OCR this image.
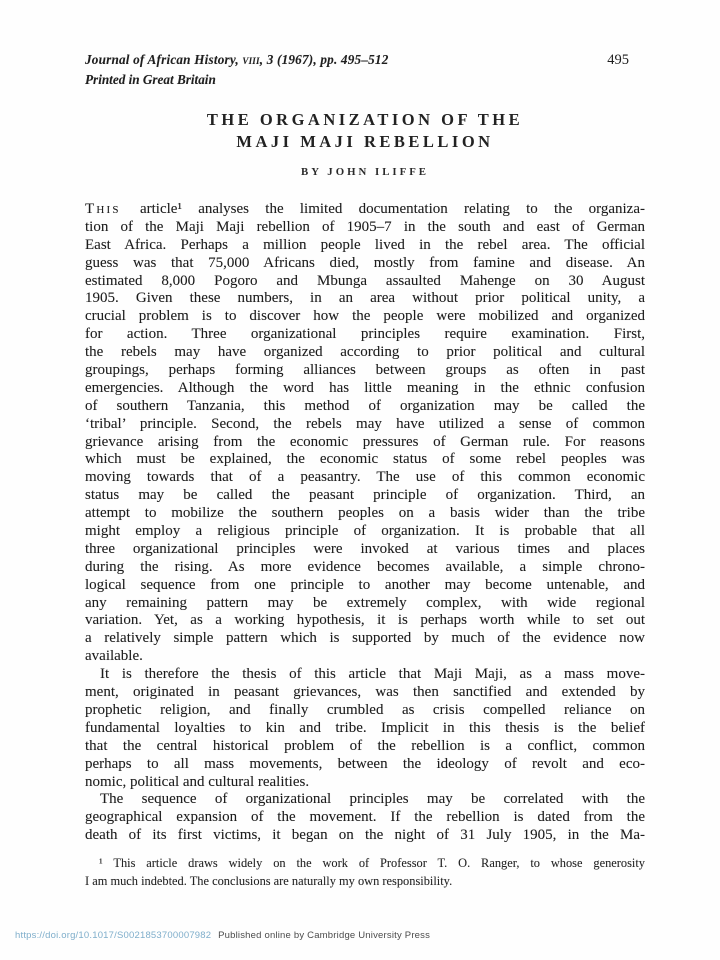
Journal of African History, viii, 3 (1967), pp. 495–512	495
Printed in Great Britain
THE ORGANIZATION OF THE
MAJI MAJI REBELLION
BY JOHN ILIFFE
This article¹ analyses the limited documentation relating to the organiza-
tion of the Maji Maji rebellion of 1905–7 in the south and east of German
East Africa. Perhaps a million people lived in the rebel area. The official
guess was that 75,000 Africans died, mostly from famine and disease. An
estimated 8,000 Pogoro and Mbunga assaulted Mahenge on 30 August
1905. Given these numbers, in an area without prior political unity, a
crucial problem is to discover how the people were mobilized and organized
for action. Three organizational principles require examination. First,
the rebels may have organized according to prior political and cultural
groupings, perhaps forming alliances between groups as often in past
emergencies. Although the word has little meaning in the ethnic confusion
of southern Tanzania, this method of organization may be called the
‘tribal’ principle. Second, the rebels may have utilized a sense of common
grievance arising from the economic pressures of German rule. For reasons
which must be explained, the economic status of some rebel peoples was
moving towards that of a peasantry. The use of this common economic
status may be called the peasant principle of organization. Third, an
attempt to mobilize the southern peoples on a basis wider than the tribe
might employ a religious principle of organization. It is probable that all
three organizational principles were invoked at various times and places
during the rising. As more evidence becomes available, a simple chrono-
logical sequence from one principle to another may become untenable, and
any remaining pattern may be extremely complex, with wide regional
variation. Yet, as a working hypothesis, it is perhaps worth while to set out
a relatively simple pattern which is supported by much of the evidence now
available.
It is therefore the thesis of this article that Maji Maji, as a mass move-
ment, originated in peasant grievances, was then sanctified and extended by
prophetic religion, and finally crumbled as crisis compelled reliance on
fundamental loyalties to kin and tribe. Implicit in this thesis is the belief
that the central historical problem of the rebellion is a conflict, common
perhaps to all mass movements, between the ideology of revolt and eco-
nomic, political and cultural realities.
The sequence of organizational principles may be correlated with the
geographical expansion of the movement. If the rebellion is dated from the
death of its first victims, it began on the night of 31 July 1905, in the Ma-
¹ This article draws widely on the work of Professor T. O. Ranger, to whose generosity
I am much indebted. The conclusions are naturally my own responsibility.
https://doi.org/10.1017/S0021853700007982 Published online by Cambridge University Press
